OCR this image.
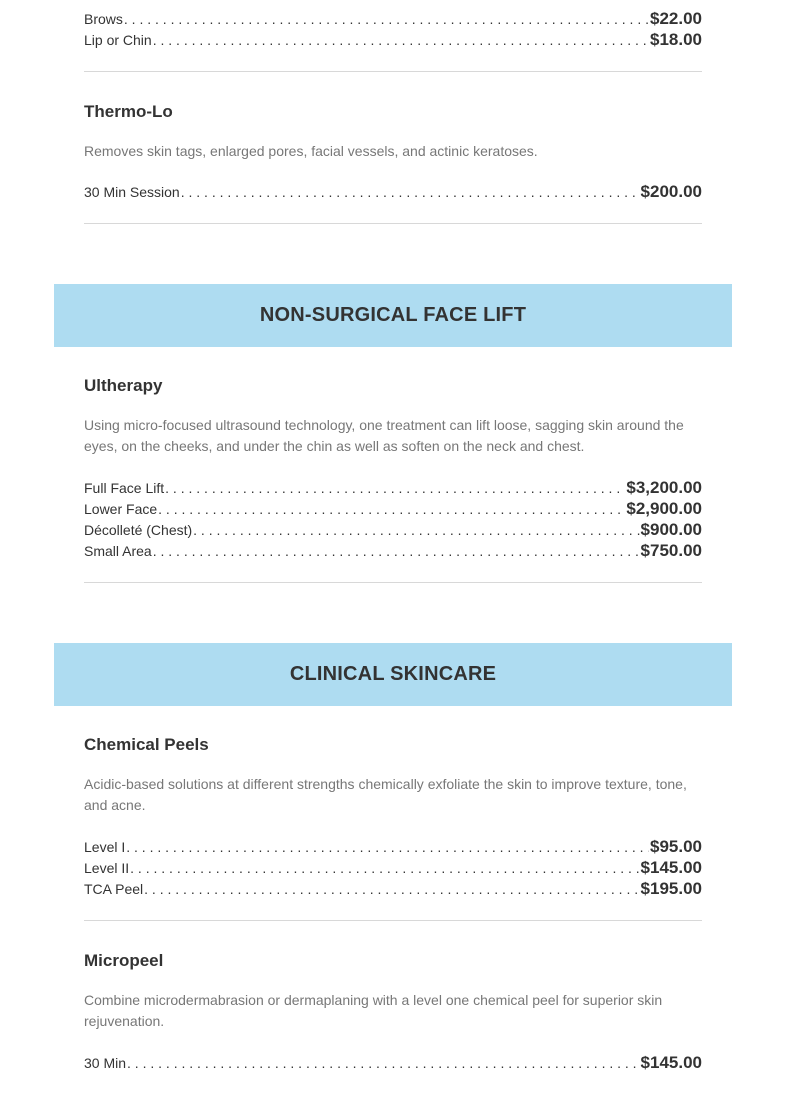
Brows . . .	$22.00
Lip or Chin . . .	$18.00
Thermo-Lo

Removes skin tags, enlarged pores, facial vessels, and actinic keratoses.

30 Min Session . . .	$200.00
NON-SURGICAL FACE LIFT
Ultherapy

Using micro-focused ultrasound technology, one treatment can lift loose, sagging skin around the eyes, on the cheeks, and under the chin as well as soften on the neck and chest.

Full Face Lift . . .	$3,200.00
Lower Face . . .	$2,900.00
Décolleté (Chest) . . .	$900.00
Small Area . . .	$750.00
CLINICAL SKINCARE
Chemical Peels

Acidic-based solutions at different strengths chemically exfoliate the skin to improve texture, tone, and acne.

Level I . . .	$95.00
Level II . . .	$145.00
TCA Peel . . .	$195.00
Micropeel

Combine microdermabrasion or dermaplaning with a level one chemical peel for superior skin rejuvenation.

30 Min . . .	$145.00
